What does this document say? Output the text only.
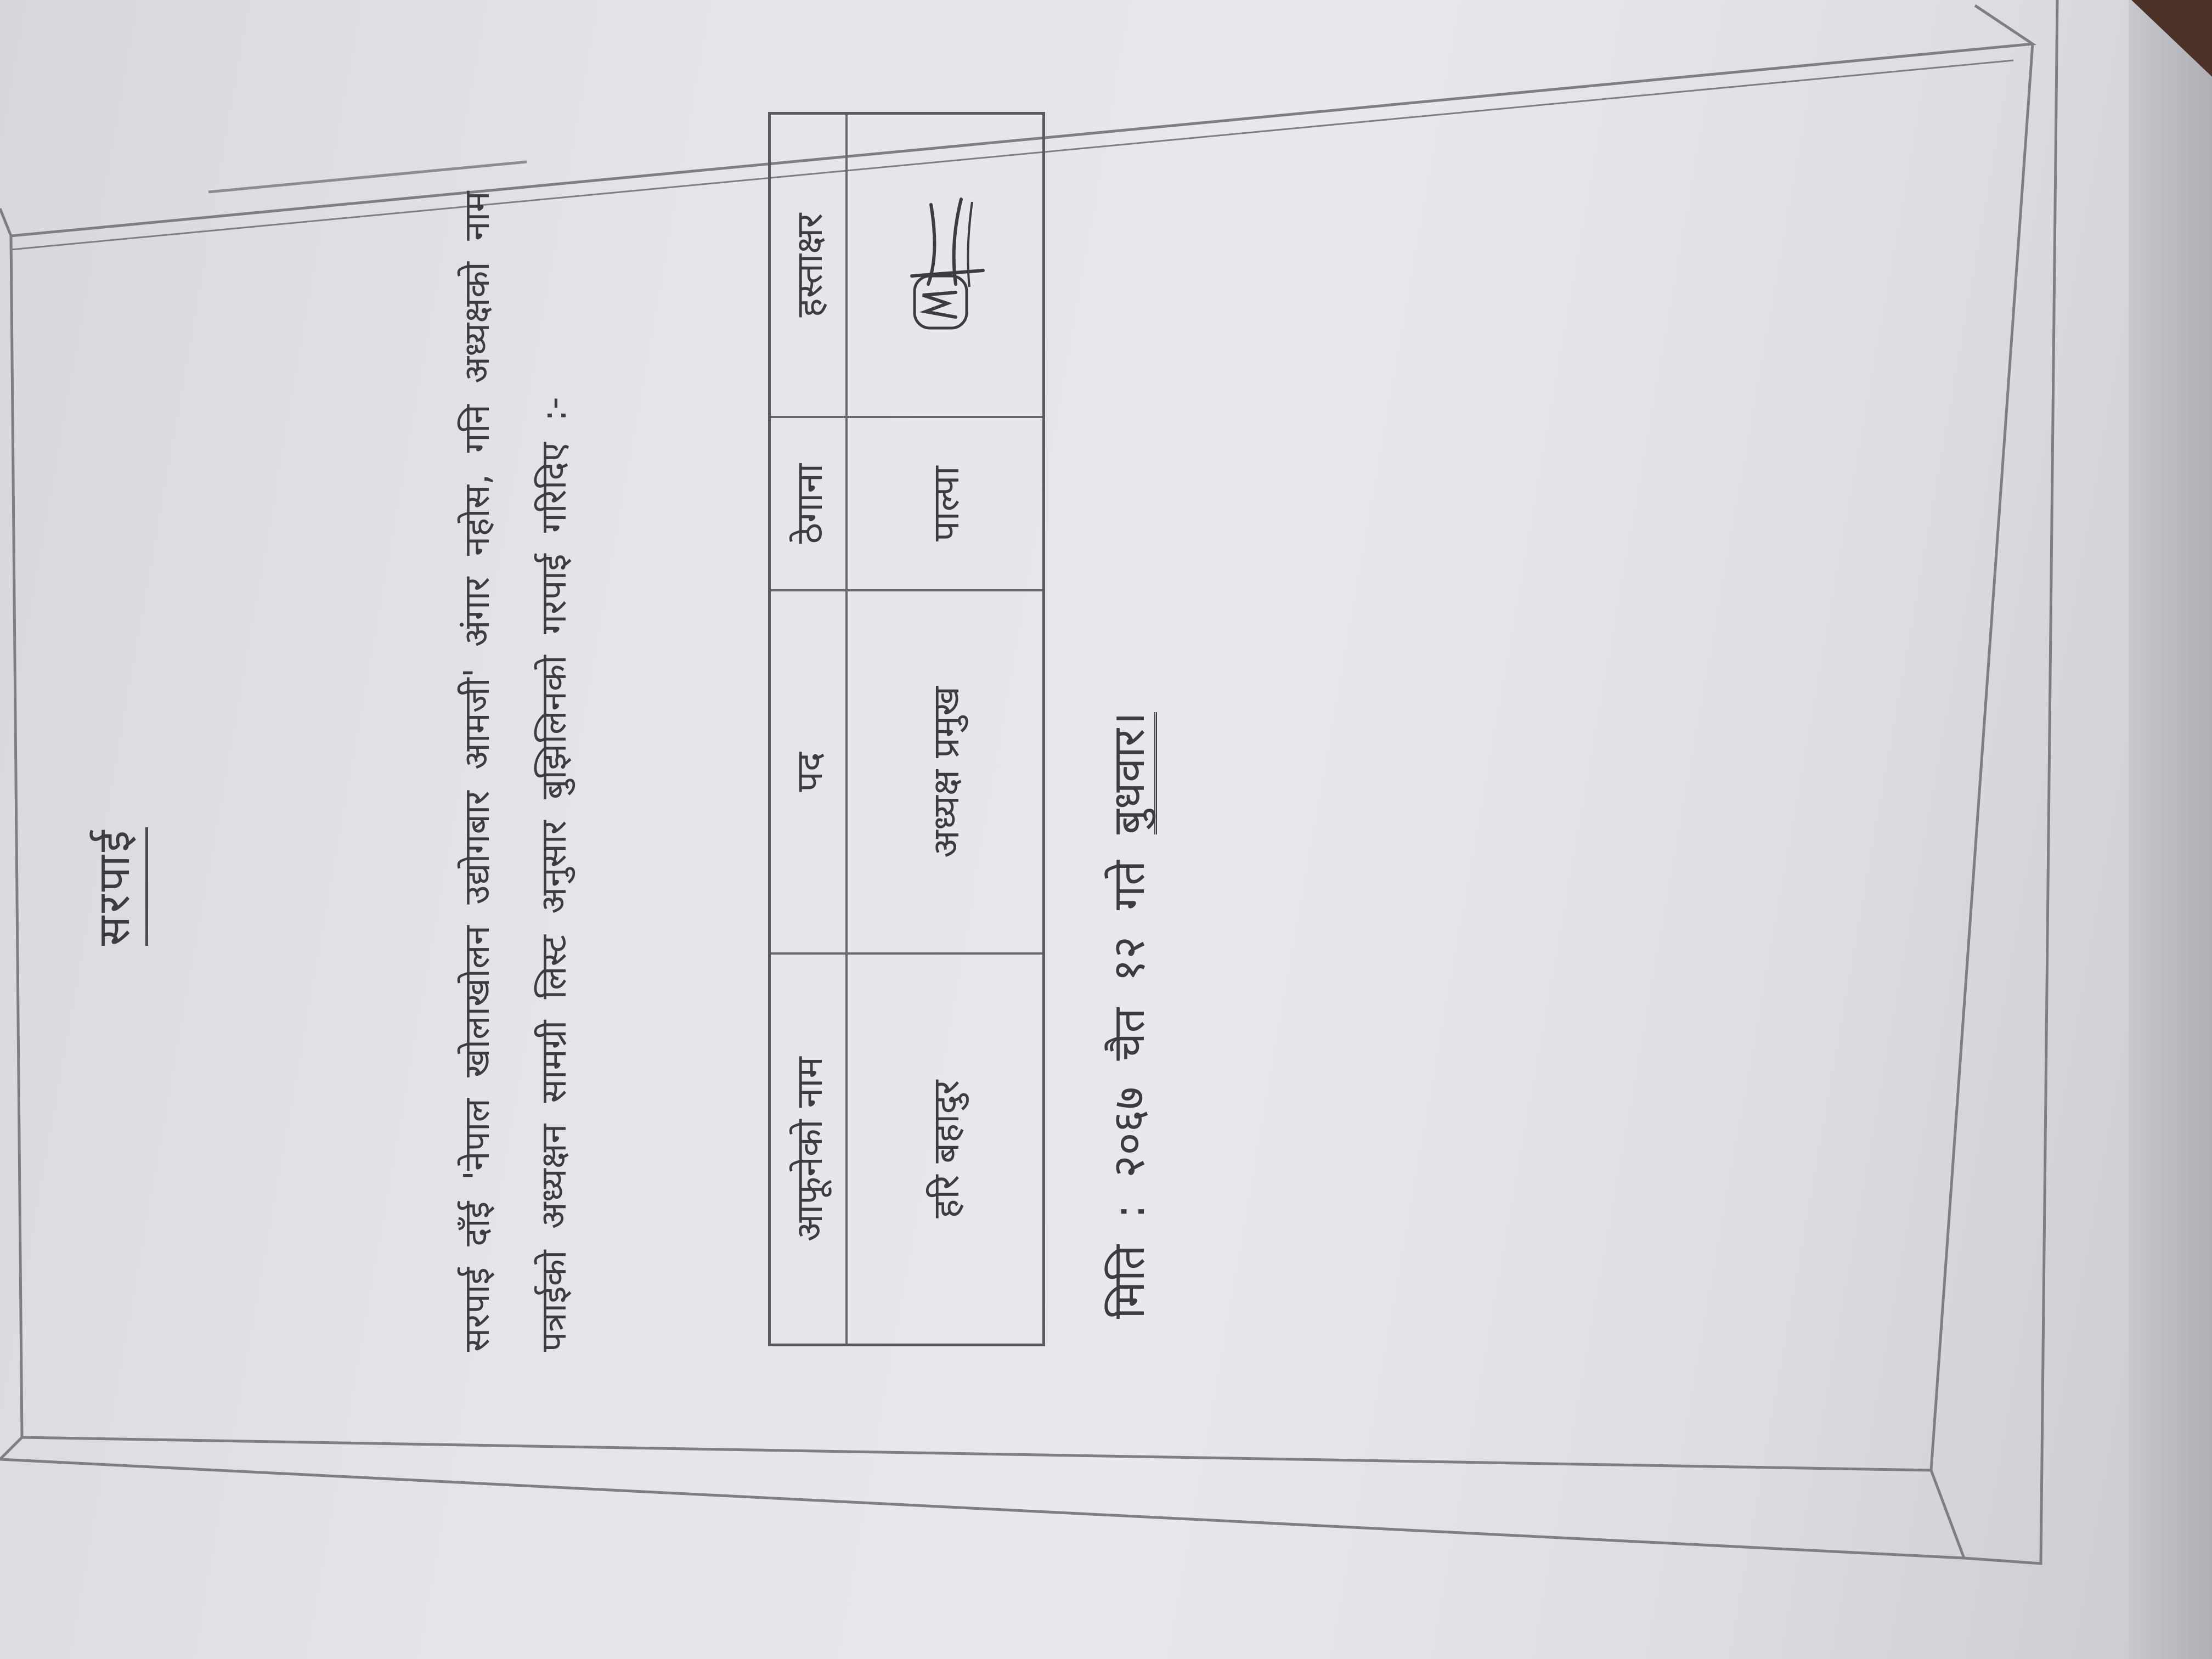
सरपाई	सरपाई दाँई 'नेपाल खोलाखोलन उद्योगबार आमजी' अंगार नहोस, गनि अध्यक्षको नाम पत्राईको अध्यक्षन सामग्री लिस्ट अनुसार बुझिलिनको गरपाई गरिदिए :-	आफूनेको नाम	पद	ठेगाना	हस्ताक्षर
हरि बहादुर	अध्यक्ष प्रमुख	पाल्पा	
मिति : २०६७ चैत १२ गते बुधवार।
